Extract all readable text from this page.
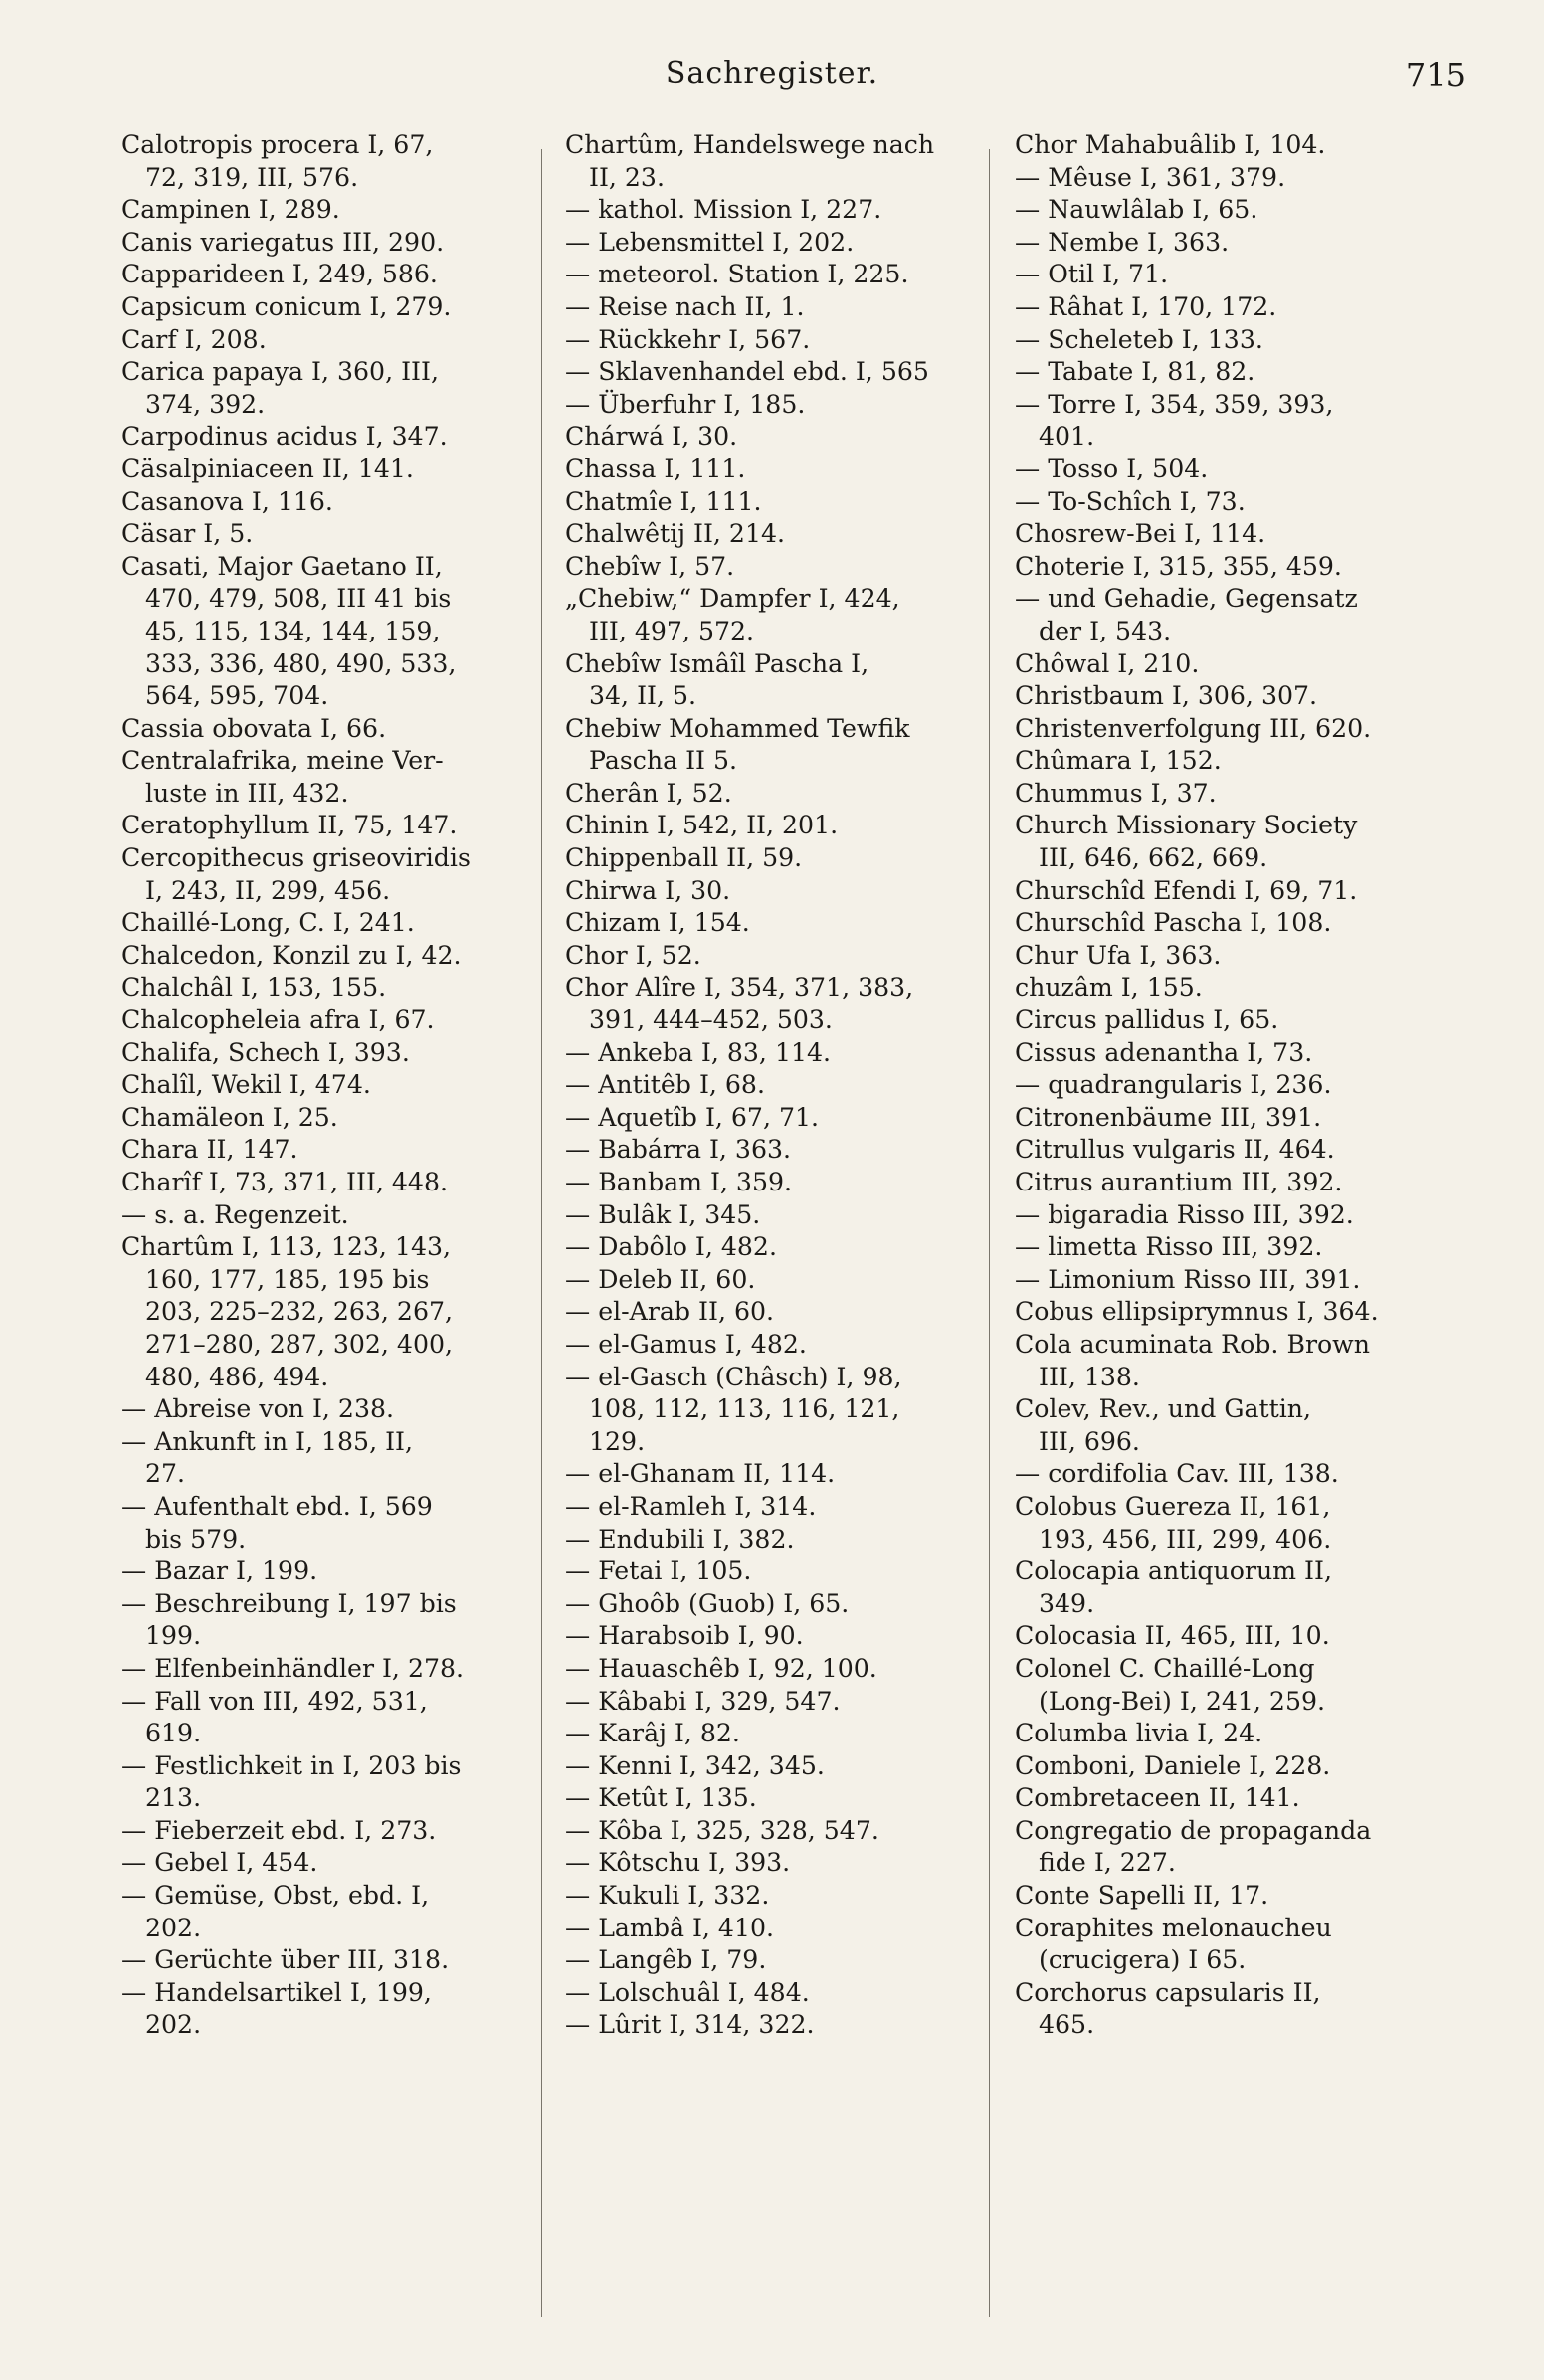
Sachregister.	715
Calotropis procera I, 67,
72, 319, III, 576.
Campinen I, 289.
Canis variegatus III, 290.
Capparideen I, 249, 586.
Capsicum conicum I, 279.
Carf I, 208.
Carica papaya I, 360, III,
374, 392.
Carpodinus acidus I, 347.
Cäsalpiniaceen II, 141.
Casanova I, 116.
Cäsar I, 5.
Casati, Major Gaetano II,
470, 479, 508, III 41 bis
45, 115, 134, 144, 159,
333, 336, 480, 490, 533,
564, 595, 704.
Cassia obovata I, 66.
Centralafrika, meine Ver-
luste in III, 432.
Ceratophyllum II, 75, 147.
Cercopithecus griseoviridis
I, 243, II, 299, 456.
Chaillé-Long, C. I, 241.
Chalcedon, Konzil zu I, 42.
Chalchâl I, 153, 155.
Chalcopheleia afra I, 67.
Chalifa, Schech I, 393.
Chalîl, Wekil I, 474.
Chamäleon I, 25.
Chara II, 147.
Charîf I, 73, 371, III, 448.
— s. a. Regenzeit.
Chartûm I, 113, 123, 143,
160, 177, 185, 195 bis
203, 225–232, 263, 267,
271–280, 287, 302, 400,
480, 486, 494.
— Abreise von I, 238.
— Ankunft in I, 185, II,
27.
— Aufenthalt ebd. I, 569
bis 579.
— Bazar I, 199.
— Beschreibung I, 197 bis
199.
— Elfenbeinhändler I, 278.
— Fall von III, 492, 531,
619.
— Festlichkeit in I, 203 bis
213.
— Fieberzeit ebd. I, 273.
— Gebel I, 454.
— Gemüse, Obst, ebd. I,
202.
— Gerüchte über III, 318.
— Handelsartikel I, 199,
202.
Chartûm, Handelswege nach
II, 23.
— kathol. Mission I, 227.
— Lebensmittel I, 202.
— meteorol. Station I, 225.
— Reise nach II, 1.
— Rückkehr I, 567.
— Sklavenhandel ebd. I, 565
— Überfuhr I, 185.
Chárwá I, 30.
Chassa I, 111.
Chatmîe I, 111.
Chalwêtij II, 214.
Chebîw I, 57.
„Chebiw,“ Dampfer I, 424,
III, 497, 572.
Chebîw Ismâîl Pascha I,
34, II, 5.
Chebiw Mohammed Tewfik
Pascha II 5.
Cherân I, 52.
Chinin I, 542, II, 201.
Chippenball II, 59.
Chirwa I, 30.
Chizam I, 154.
Chor I, 52.
Chor Alîre I, 354, 371, 383,
391, 444–452, 503.
— Ankeba I, 83, 114.
— Antitêb I, 68.
— Aquetîb I, 67, 71.
— Babárra I, 363.
— Banbam I, 359.
— Bulâk I, 345.
— Dabôlo I, 482.
— Deleb II, 60.
— el-Arab II, 60.
— el-Gamus I, 482.
— el-Gasch (Châsch) I, 98,
108, 112, 113, 116, 121,
129.
— el-Ghanam II, 114.
— el-Ramleh I, 314.
— Endubili I, 382.
— Fetai I, 105.
— Ghoôb (Guob) I, 65.
— Harabsoib I, 90.
— Hauaschêb I, 92, 100.
— Kâbabi I, 329, 547.
— Karâj I, 82.
— Kenni I, 342, 345.
— Ketût I, 135.
— Kôba I, 325, 328, 547.
— Kôtschu I, 393.
— Kukuli I, 332.
— Lambâ I, 410.
— Langêb I, 79.
— Lolschuâl I, 484.
— Lûrit I, 314, 322.
Chor Mahabuâlib I, 104.
— Mêuse I, 361, 379.
— Nauwlâlab I, 65.
— Nembe I, 363.
— Otil I, 71.
— Râhat I, 170, 172.
— Scheleteb I, 133.
— Tabate I, 81, 82.
— Torre I, 354, 359, 393,
401.
— Tosso I, 504.
— To-Schîch I, 73.
Chosrew-Bei I, 114.
Choterie I, 315, 355, 459.
— und Gehadie, Gegensatz
der I, 543.
Chôwal I, 210.
Christbaum I, 306, 307.
Christenverfolgung III, 620.
Chûmara I, 152.
Chummus I, 37.
Church Missionary Society
III, 646, 662, 669.
Churschîd Efendi I, 69, 71.
Churschîd Pascha I, 108.
Chur Ufa I, 363.
chuzâm I, 155.
Circus pallidus I, 65.
Cissus adenantha I, 73.
— quadrangularis I, 236.
Citronenbäume III, 391.
Citrullus vulgaris II, 464.
Citrus aurantium III, 392.
— bigaradia Risso III, 392.
— limetta Risso III, 392.
— Limonium Risso III, 391.
Cobus ellipsiprymnus I, 364.
Cola acuminata Rob. Brown
III, 138.
Colev, Rev., und Gattin,
III, 696.
— cordifolia Cav. III, 138.
Colobus Guereza II, 161,
193, 456, III, 299, 406.
Colocapia antiquorum II,
349.
Colocasia II, 465, III, 10.
Colonel C. Chaillé-Long
(Long-Bei) I, 241, 259.
Columba livia I, 24.
Comboni, Daniele I, 228.
Combretaceen II, 141.
Congregatio de propaganda
fide I, 227.
Conte Sapelli II, 17.
Coraphites melonaucheu
(crucigera) I 65.
Corchorus capsularis II,
465.
